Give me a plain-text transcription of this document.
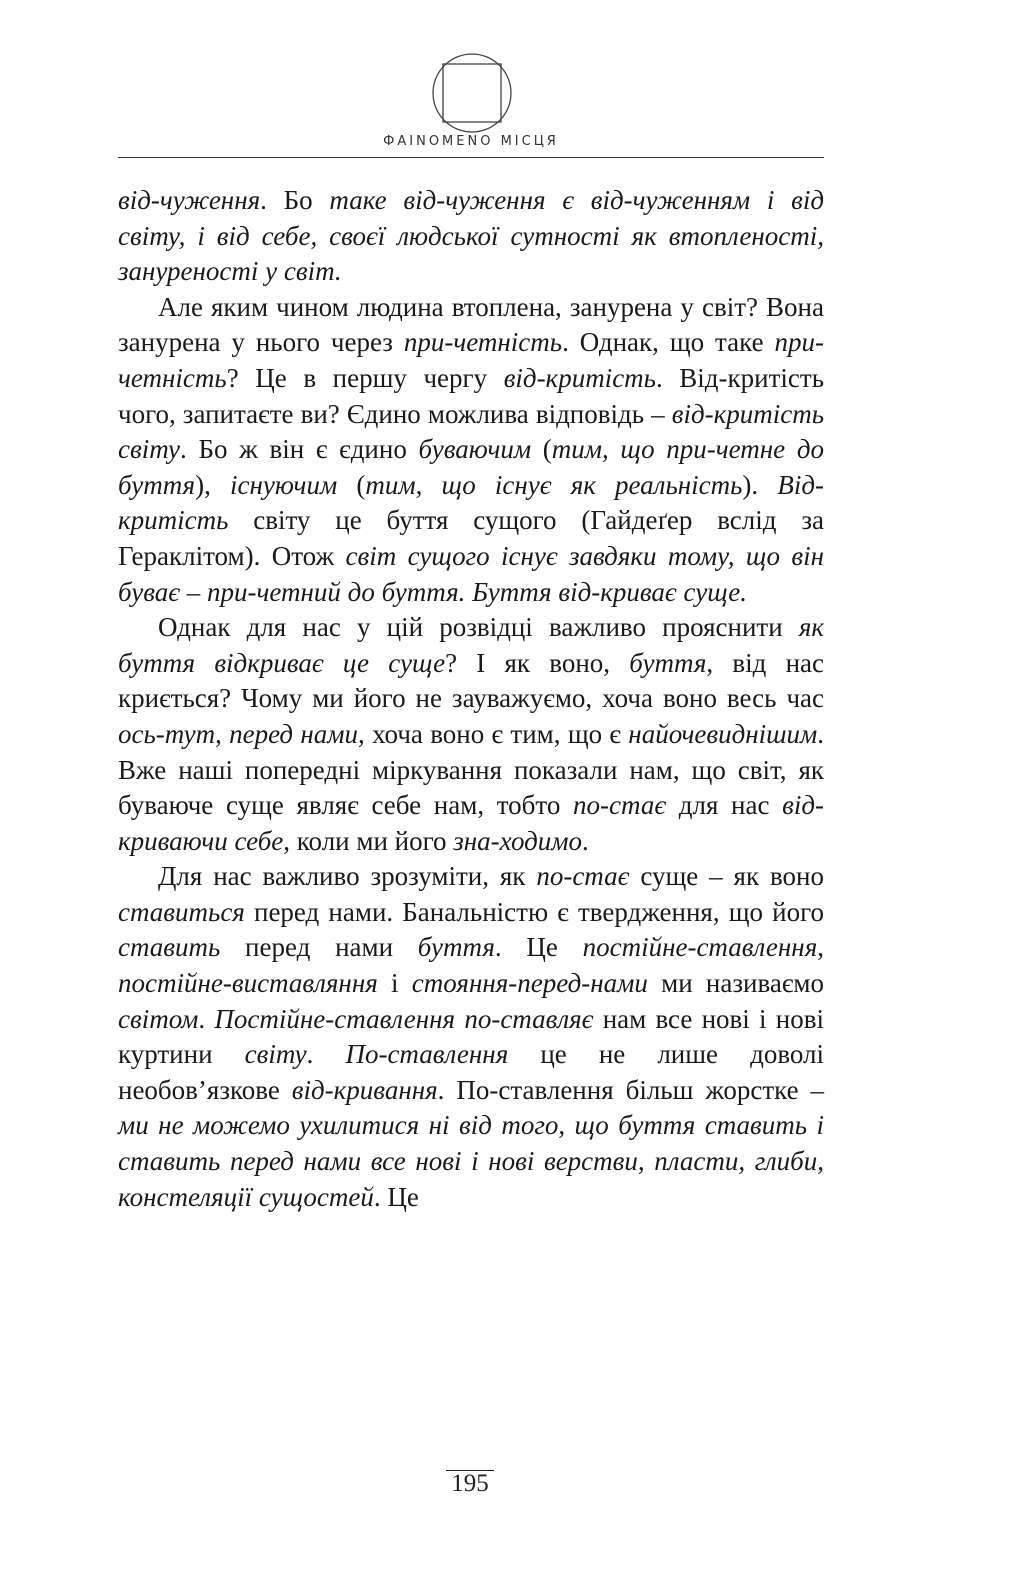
ФAINOMENO МІСЦЯ

від-чуження. Бо таке від-чуження є від-чуженням і від світу, і від себе, своєї людської сутності як втопленості, зануреності у світ.

Але яким чином людина втоплена, занурена у світ? Вона занурена у нього через при-четність. Однак, що таке при-четність? Це в першу чергу від-критість. Від-критість чого, запитаєте ви? Єдино можлива відповідь – від-критість світу. Бо ж він є єдино буваючим (тим, що при-четне до буття), існуючим (тим, що існує як реальність). Від-критість світу це буття сущого (Гайдеґер вслід за Гераклітом). Отож світ сущого існує завдяки тому, що він буває – при-четний до буття. Буття від-криває суще.

Однак для нас у цій розвідці важливо прояснити як буття відкриває це суще? І як воно, буття, від нас криється? Чому ми його не зауважуємо, хоча воно весь час ось-тут, перед нами, хоча воно є тим, що є найочевиднішим. Вже наші попередні міркування показали нам, що світ, як буваюче суще являє себе нам, тобто по-стає для нас від-криваючи себе, коли ми його зна-ходимо.

Для нас важливо зрозуміти, як по-стає суще – як воно ставиться перед нами. Банальністю є твердження, що його ставить перед нами буття. Це постійне-ставлення, постійне-виставляння і стояння-перед-нами ми називаємо світом. Постійне-ставлення по-ставляє нам все нові і нові куртини світу. По-ставлення це не лише доволі необов’язкове від-кривання. По-ставлення більш жорстке – ми не можемо ухилитися ні від того, що буття ставить і ставить перед нами все нові і нові верстви, пласти, глиби, констеляції сущостей. Це

195
